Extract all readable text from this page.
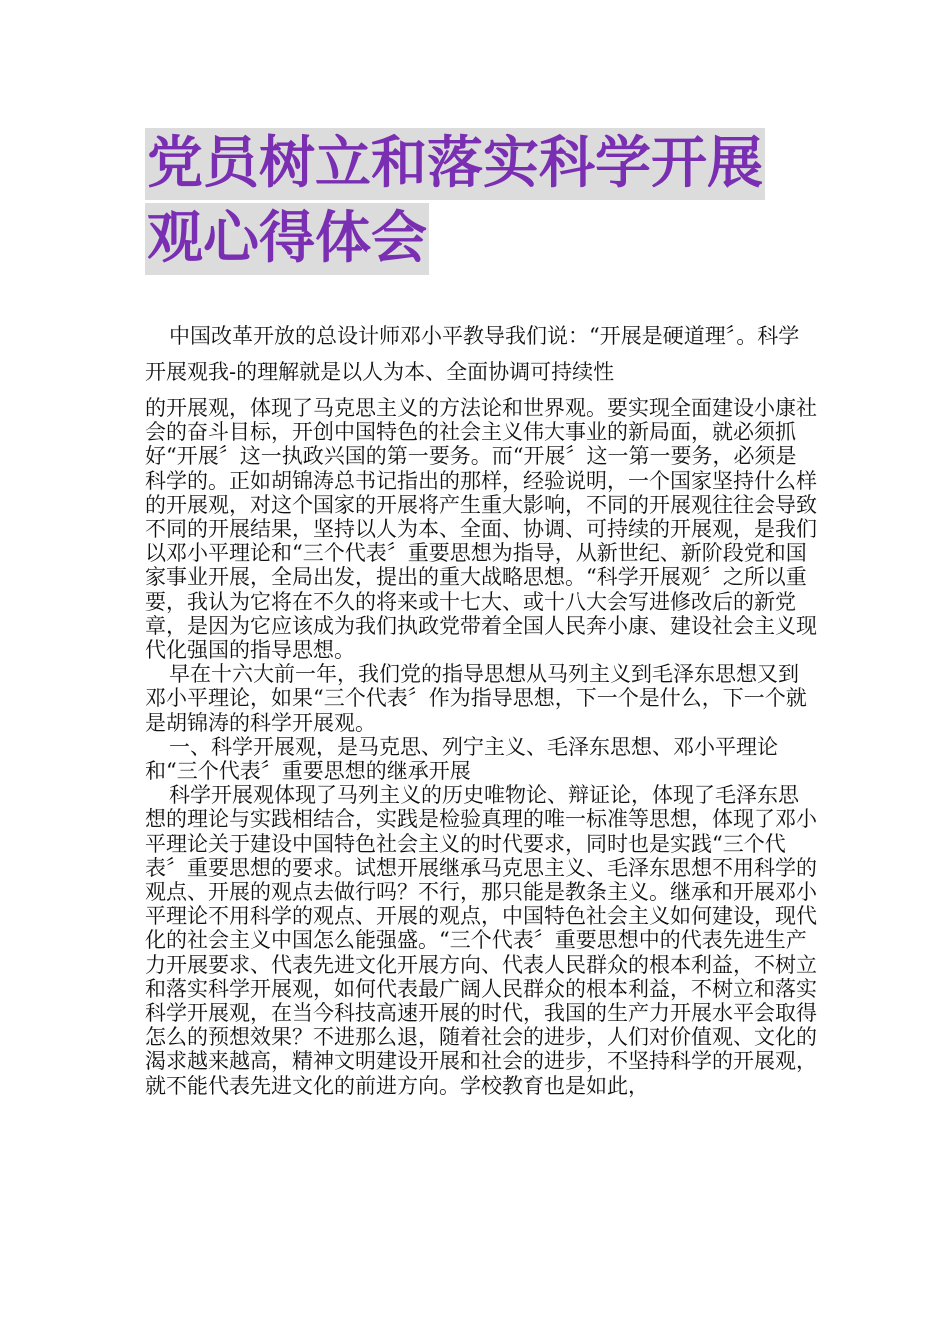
党员树立和落实科学开展
观心得体会

中国改革开放的总设计师邓小平教导我们说：“开展是硬道理〞。科学开展观我-的理解就是以人为本、全面协调可持续性

的开展观，体现了马克思主义的方法论和世界观。要实现全面建设小康社会的奋斗目标，开创中国特色的社会主义伟大事业的新局面，就必须抓好“开展〞这一执政兴国的第一要务。而“开展〞这一第一要务，必须是科学的。正如胡锦涛总书记指出的那样，经验说明，一个国家坚持什么样的开展观，对这个国家的开展将产生重大影响，不同的开展观往往会导致不同的开展结果，坚持以人为本、全面、协调、可持续的开展观，是我们以邓小平理论和“三个代表〞重要思想为指导，从新世纪、新阶段党和国家事业开展，全局出发，提出的重大战略思想。“科学开展观〞之所以重要，我认为它将在不久的将来或十七大、或十八大会写进修改后的新党章，是因为它应该成为我们执政党带着全国人民奔小康、建设社会主义现代化强国的指导思想。

早在十六大前一年，我们党的指导思想从马列主义到毛泽东思想又到邓小平理论，如果“三个代表〞作为指导思想，下一个是什么，下一个就是胡锦涛的科学开展观。

一、科学开展观，是马克思、列宁主义、毛泽东思想、邓小平理论和“三个代表〞重要思想的继承开展

科学开展观体现了马列主义的历史唯物论、辩证论，体现了毛泽东思想的理论与实践相结合，实践是检验真理的唯一标准等思想，体现了邓小平理论关于建设中国特色社会主义的时代要求，同时也是实践“三个代表〞重要思想的要求。试想开展继承马克思主义、毛泽东思想不用科学的观点、开展的观点去做行吗？不行，那只能是教条主义。继承和开展邓小平理论不用科学的观点、开展的观点，中国特色社会主义如何建设，现代化的社会主义中国怎么能强盛。“三个代表〞重要思想中的代表先进生产力开展要求、代表先进文化开展方向、代表人民群众的根本利益，不树立和落实科学开展观，如何代表最广阔人民群众的根本利益，不树立和落实科学开展观，在当今科技高速开展的时代，我国的生产力开展水平会取得怎么的预想效果？不进那么退，随着社会的进步，人们对价值观、文化的渴求越来越高，精神文明建设开展和社会的进步，不坚持科学的开展观，就不能代表先进文化的前进方向。学校教育也是如此，
